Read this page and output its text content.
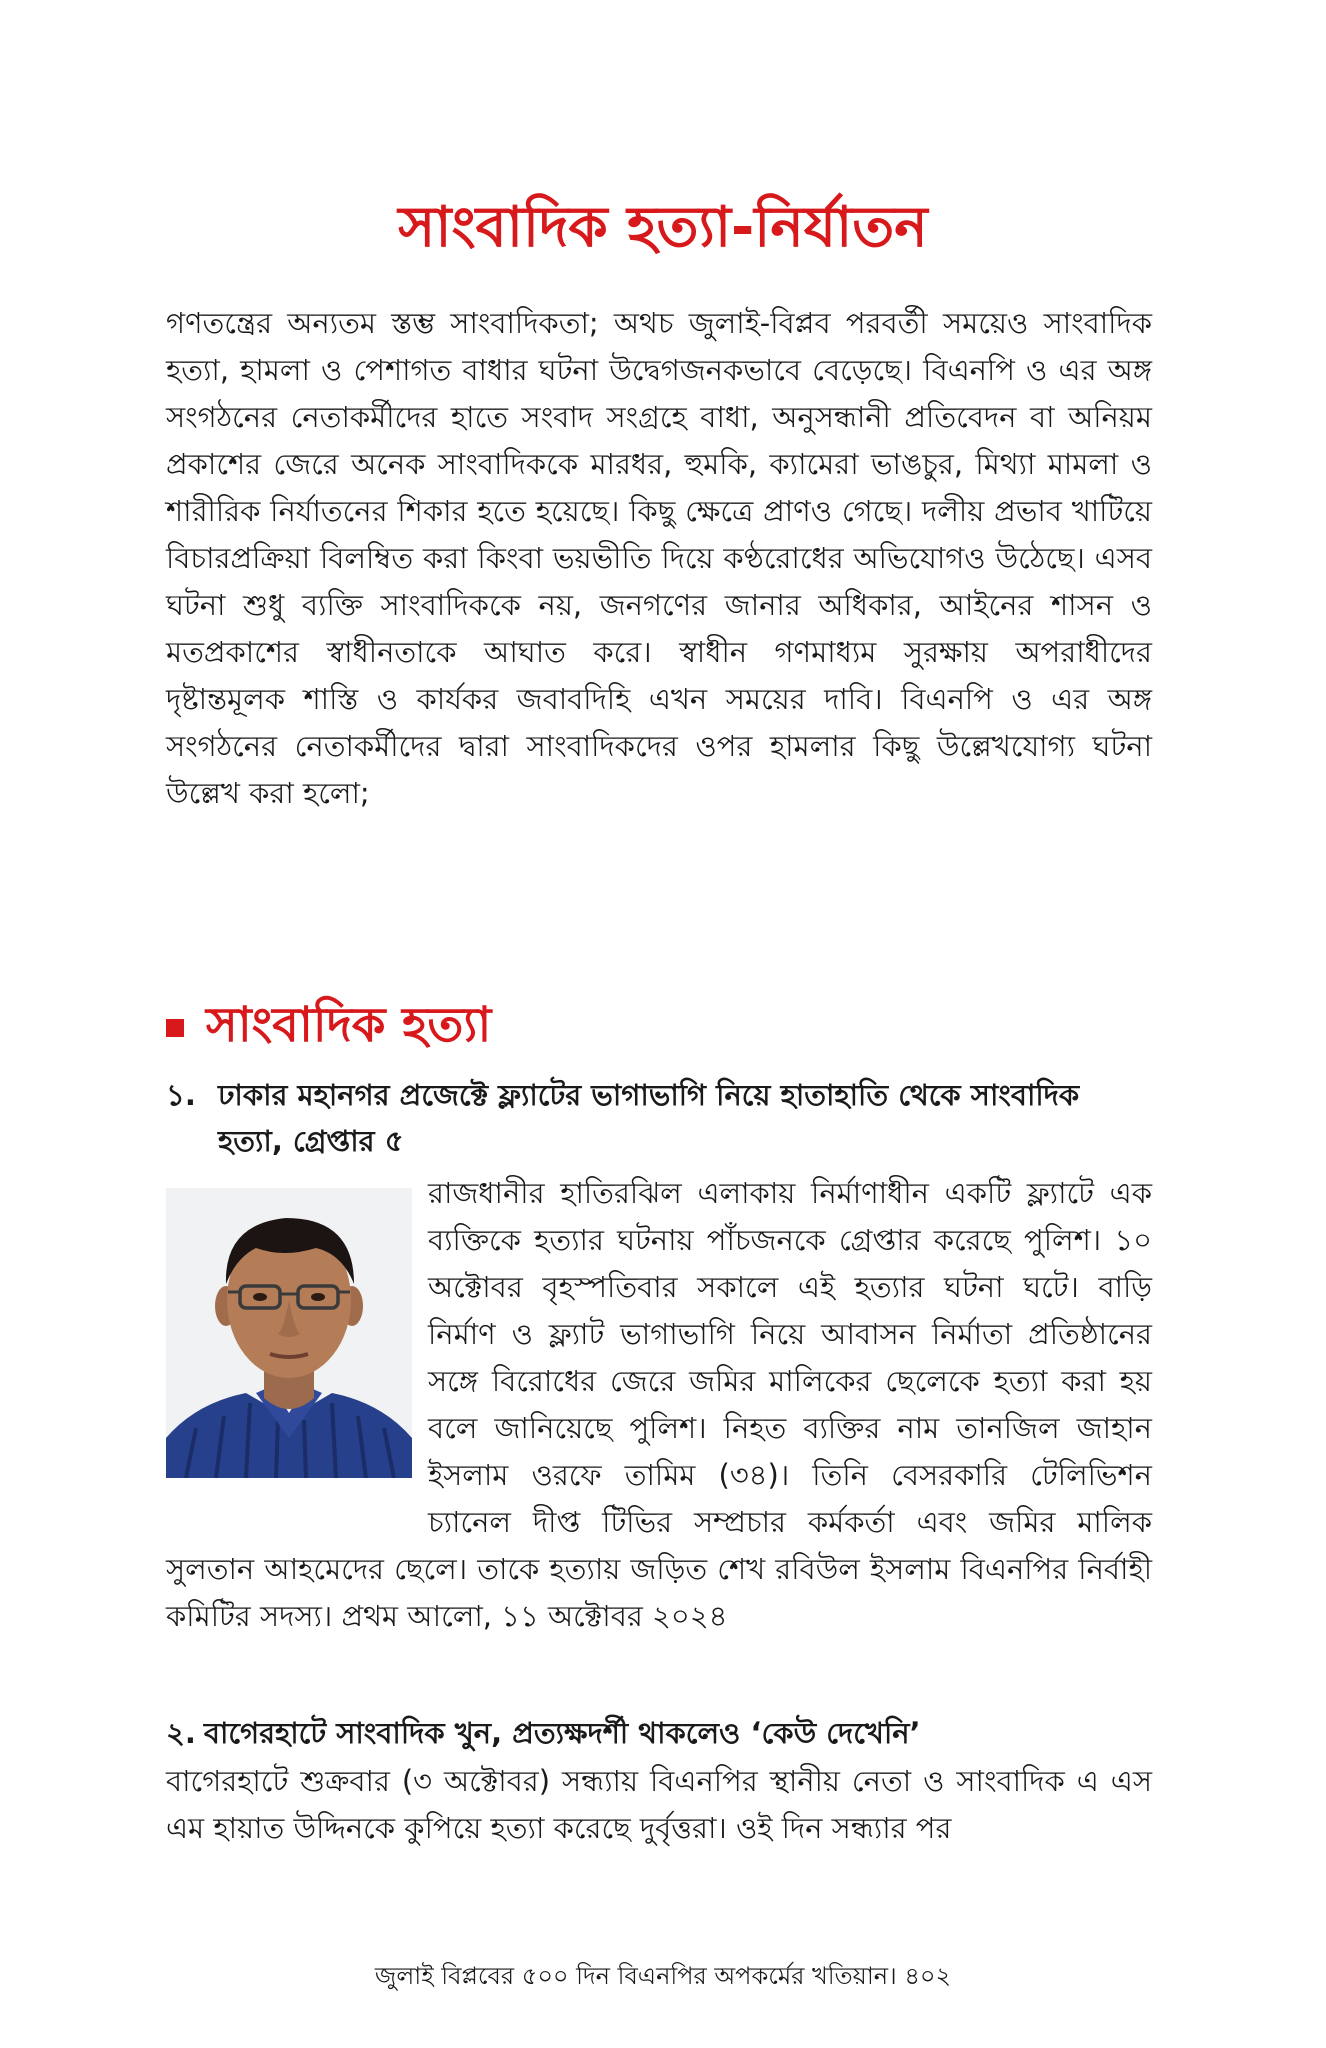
সাংবাদিক হত্যা-নির্যাতন

গণতন্ত্রের অন্যতম স্তম্ভ সাংবাদিকতা; অথচ জুলাই-বিপ্লব পরবর্তী সময়েও সাংবাদিক হত্যা, হামলা ও পেশাগত বাধার ঘটনা উদ্বেগজনকভাবে বেড়েছে। বিএনপি ও এর অঙ্গ সংগঠনের নেতাকর্মীদের হাতে সংবাদ সংগ্রহে বাধা, অনুসন্ধানী প্রতিবেদন বা অনিয়ম প্রকাশের জেরে অনেক সাংবাদিককে মারধর, হুমকি, ক্যামেরা ভাঙচুর, মিথ্যা মামলা ও শারীরিক নির্যাতনের শিকার হতে হয়েছে। কিছু ক্ষেত্রে প্রাণও গেছে। দলীয় প্রভাব খাটিয়ে বিচারপ্রক্রিয়া বিলম্বিত করা কিংবা ভয়ভীতি দিয়ে কণ্ঠরোধের অভিযোগও উঠেছে। এসব ঘটনা শুধু ব্যক্তি সাংবাদিককে নয়, জনগণের জানার অধিকার, আইনের শাসন ও মতপ্রকাশের স্বাধীনতাকে আঘাত করে। স্বাধীন গণমাধ্যম সুরক্ষায় অপরাধীদের দৃষ্টান্তমূলক শাস্তি ও কার্যকর জবাবদিহি এখন সময়ের দাবি। বিএনপি ও এর অঙ্গ সংগঠনের নেতাকর্মীদের দ্বারা সাংবাদিকদের ওপর হামলার কিছু উল্লেখযোগ্য ঘটনা উল্লেখ করা হলো;

সাংবাদিক হত্যা
১. ঢাকার মহানগর প্রজেক্টে ফ্ল্যাটের ভাগাভাগি নিয়ে হাতাহাতি থেকে সাংবাদিক হত্যা, গ্রেপ্তার ৫

রাজধানীর হাতিরঝিল এলাকায় নির্মাণাধীন একটি ফ্ল্যাটে এক ব্যক্তিকে হত্যার ঘটনায় পাঁচজনকে গ্রেপ্তার করেছে পুলিশ। ১০ অক্টোবর বৃহস্পতিবার সকালে এই হত্যার ঘটনা ঘটে। বাড়ি নির্মাণ ও ফ্ল্যাট ভাগাভাগি নিয়ে আবাসন নির্মাতা প্রতিষ্ঠানের সঙ্গে বিরোধের জেরে জমির মালিকের ছেলেকে হত্যা করা হয় বলে জানিয়েছে পুলিশ। নিহত ব্যক্তির নাম তানজিল জাহান ইসলাম ওরফে তামিম (৩৪)। তিনি বেসরকারি টেলিভিশন চ্যানেল দীপ্ত টিভির সম্প্রচার কর্মকর্তা এবং জমির মালিক সুলতান আহমেদের ছেলে। তাকে হত্যায় জড়িত শেখ রবিউল ইসলাম বিএনপির নির্বাহী কমিটির সদস্য। প্রথম আলো, ১১ অক্টোবর ২০২৪

২. বাগেরহাটে সাংবাদিক খুন, প্রত্যক্ষদর্শী থাকলেও ‘কেউ দেখেনি’

বাগেরহাটে শুক্রবার (৩ অক্টোবর) সন্ধ্যায় বিএনপির স্থানীয় নেতা ও সাংবাদিক এ এস এম হায়াত উদ্দিনকে কুপিয়ে হত্যা করেছে দুর্বৃত্তরা। ওই দিন সন্ধ্যার পর

জুলাই বিপ্লবের ৫০০ দিন বিএনপির অপকর্মের খতিয়ান। ৪০২
